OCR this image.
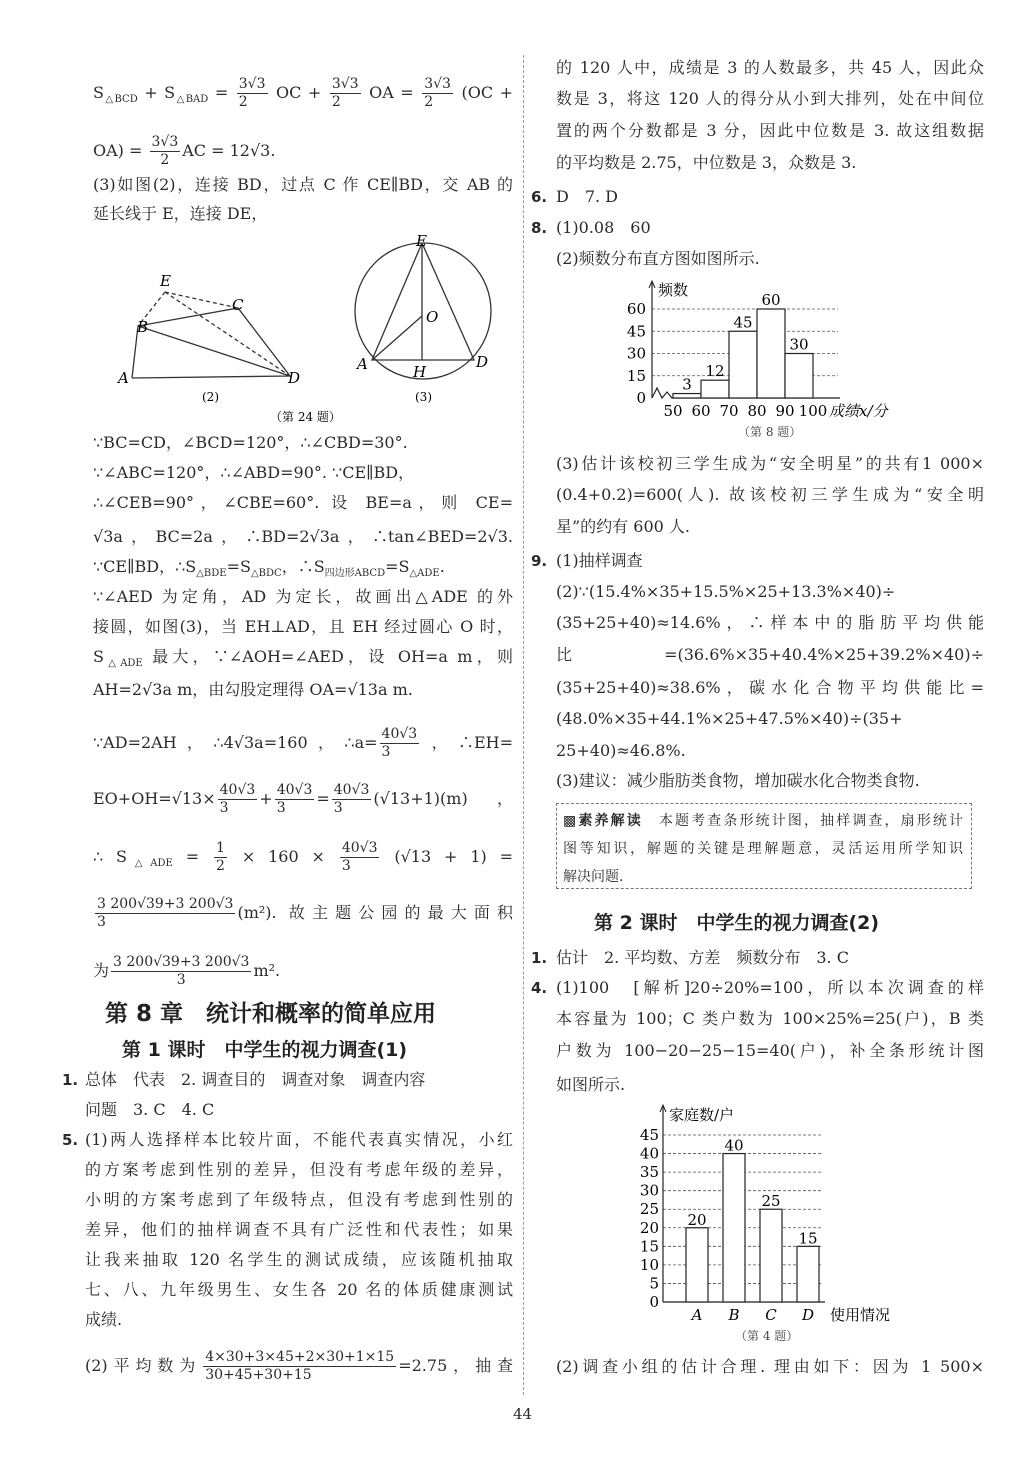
$S_{\triangle BCD} + S_{\triangle BAD} = \frac{3√3}{2}$ OC + $\frac{3√3}{2}$ OA = $\frac{3√3}{2} (OC$ +
$OA) = \frac{3√3}{2}$ AC = 12√3.
(3)如图(2)，连接 BD，过点 C 作 CE∥BD，交 AB 的
延长线于 E，连接 DE，
E
C
B
A	D
(2)
E
O
A	H
D
(3)
（第 24 题）
∵BC=CD，∠BCD=120°，∴∠CBD=30°.
∵∠ABC=120°，∴∠ABD=90°. ∵CE∥BD，
∴∠CEB=90°，∠CBE=60°. 设 BE=a，则 CE=
√3a，BC=2a，∴BD=2√3a，∴tan∠BED=2√3.
∵CE∥BD，$\therefore S_{\triangle BDE}=S_{\triangle BDC}$，$\therefore S_{四边形ABCD}=S_{\triangle ADE}$.
∵∠AED 为定角，AD 为定长，故画出△ADE 的外
接圆，如图(3)，当 EH⊥AD，且 EH 经过圆心 O 时，
$S_{\triangle ADE}$ 最大，∵∠AOH=∠AED，设 OH=a m，则
AH=2√3a m，由勾股定理得 OA=√13a m.
∵AD=2AH，∴4√3a=160，∴a= $\frac{40√3}{3}$ ，∴EH=
$EO+OH=√13\times \frac{40√3}{3} + \frac{40√3}{3} = \frac{40√3}{3} (√13+1)(m)$，
∴ $S_{\triangle ADE} = \frac{1}{2} \times 160 \times \frac{40√3}{3} (√13 + 1)$ =
$\frac{3 200√39+3 200√3}{3} (m^2)$. 故主题公园的最大面积
为 $\frac{3 200√39+3 200√3}{3} m^2$.
第 8 章　统计和概率的简单应用
第 1 课时　中学生的视力调查(1)
1. 总体　代表　2. 调查目的　调查对象　调查内容
问题　3. C　4. C
5. (1)两人选择样本比较片面，不能代表真实情况，小红
的方案考虑到性别的差异，但没有考虑年级的差异，
小明的方案考虑到了年级特点，但没有考虑到性别的
差异，他们的抽样调查不具有广泛性和代表性；如果
让我来抽取 120 名学生的测试成绩，应该随机抽取
七、八、九年级男生、女生各 20 名的体质健康测试
成绩.
(2)平均数为 $\frac{4\times 30+3\times 45+2\times 30+1\times 15}{30+45+30+15} =2.75$，抽查
的 120 人中，成绩是 3 的人数最多，共 45 人，因此众
数是 3，将这 120 人的得分从小到大排列，处在中间位
置的两个分数都是 3 分，因此中位数是 3. 故这组数据
的平均数是 2.75，中位数是 3，众数是 3.
6. D　7. D
8. (1)0.08　60
(2)频数分布直方图如图所示.
0
15
30
45
60
频数
3
12
45
60
30
50 60 70 80 90 100 成绩x/分
（第 8 题）
(3)估计该校初三学生成为“安全明星”的共有1 000×
(0.4+0.2)=600(人). 故该校初三学生成为“安全明
星”的约有 600 人.
9. (1)抽样调查
(2)∵(15.4%×35+15.5%×25+13.3%×40)÷
(35+25+40)≈14.6%，∴样本中的脂肪平均供能
比=(36.6%×35+40.4%×25+39.2%×40)÷
(35+25+40)≈38.6%，碳水化合物平均供能比=
(48.0%×35+44.1%×25+47.5%×40)÷(35+
25+40)≈46.8%.
(3)建议：减少脂肪类食物，增加碳水化合物类食物.
▩素养解读　 本题考查条形统计图，抽样调查，扇形统计
图等知识，解题的关键是理解题意，灵活运用所学知识
解决问题.
第 2 课时　中学生的视力调查(2)
1. 估计　2. 平均数、方差　频数分布　3. C
4. (1)100　[解析]20÷20%=100，所以本次调查的样
本容量为 100；C 类户数为 100×25%=25(户)，B 类
户数为 100−20−25−15=40(户)，补全条形统计图
如图所示.
0
5
10
15
20
25
30
35
40
45
家庭数/户
20
A
40
B
25
C
15
D 使用情况
（第 4 题）
(2)调查小组的估计合理. 理由如下：因为 1 500×
44
